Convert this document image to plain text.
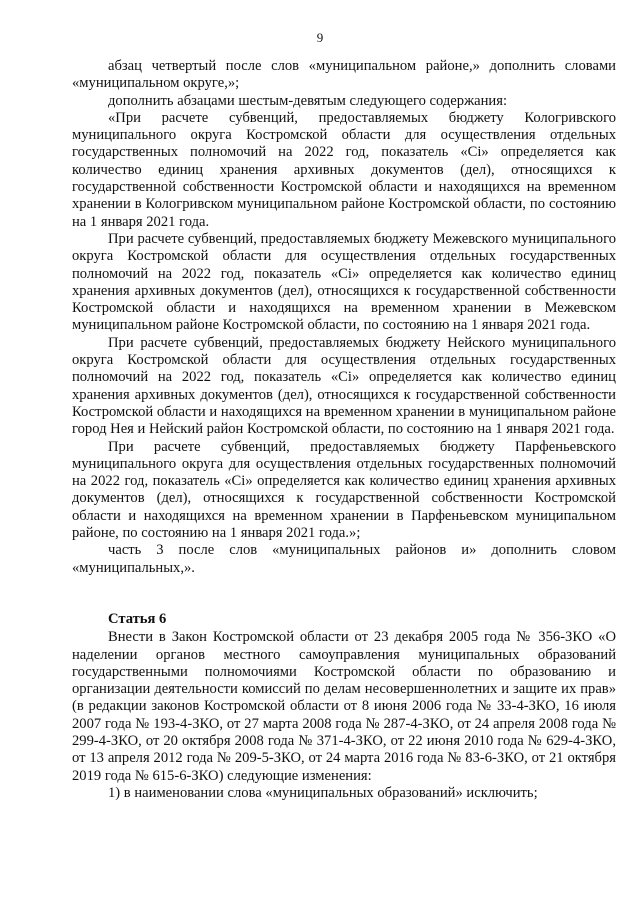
9

абзац четвертый после слов «муниципальном районе,» дополнить словами «муниципальном округе,»;

дополнить абзацами шестым-девятым следующего содержания:

«При расчете субвенций, предоставляемых бюджету Кологривского муниципального округа Костромской области для осуществления отдельных государственных полномочий на 2022 год, показатель «Ci» определяется как количество единиц хранения архивных документов (дел), относящихся к государственной собственности Костромской области и находящихся на временном хранении в Кологривском муниципальном районе Костромской области, по состоянию на 1 января 2021 года.

При расчете субвенций, предоставляемых бюджету Межевского муниципального округа Костромской области для осуществления отдельных государственных полномочий на 2022 год, показатель «Ci» определяется как количество единиц хранения архивных документов (дел), относящихся к государственной собственности Костромской области и находящихся на временном хранении в Межевском муниципальном районе Костромской области, по состоянию на 1 января 2021 года.

При расчете субвенций, предоставляемых бюджету Нейского муниципального округа Костромской области для осуществления отдельных государственных полномочий на 2022 год, показатель «Ci» определяется как количество единиц хранения архивных документов (дел), относящихся к государственной собственности Костромской области и находящихся на временном хранении в муниципальном районе город Нея и Нейский район Костромской области, по состоянию на 1 января 2021 года.

При расчете субвенций, предоставляемых бюджету Парфеньевского муниципального округа для осуществления отдельных государственных полномочий на 2022 год, показатель «Ci» определяется как количество единиц хранения архивных документов (дел), относящихся к государственной собственности Костромской области и находящихся на временном хранении в Парфеньевском муниципальном районе, по состоянию на 1 января 2021 года.»;

часть 3 после слов «муниципальных районов и» дополнить словом «муниципальных,».

Статья 6

Внести в Закон Костромской области от 23 декабря 2005 года № 356-ЗКО «О наделении органов местного самоуправления муниципальных образований государственными полномочиями Костромской области по образованию и организации деятельности комиссий по делам несовершеннолетних и защите их прав» (в редакции законов Костромской области от 8 июня 2006 года № 33-4-ЗКО, 16 июля 2007 года № 193-4-ЗКО, от 27 марта 2008 года № 287-4-ЗКО, от 24 апреля 2008 года № 299-4-ЗКО, от 20 октября 2008 года № 371-4-ЗКО, от 22 июня 2010 года № 629-4-ЗКО, от 13 апреля 2012 года № 209-5-ЗКО, от 24 марта 2016 года № 83-6-ЗКО, от 21 октября 2019 года № 615-6-ЗКО) следующие изменения:

1) в наименовании слова «муниципальных образований» исключить;
